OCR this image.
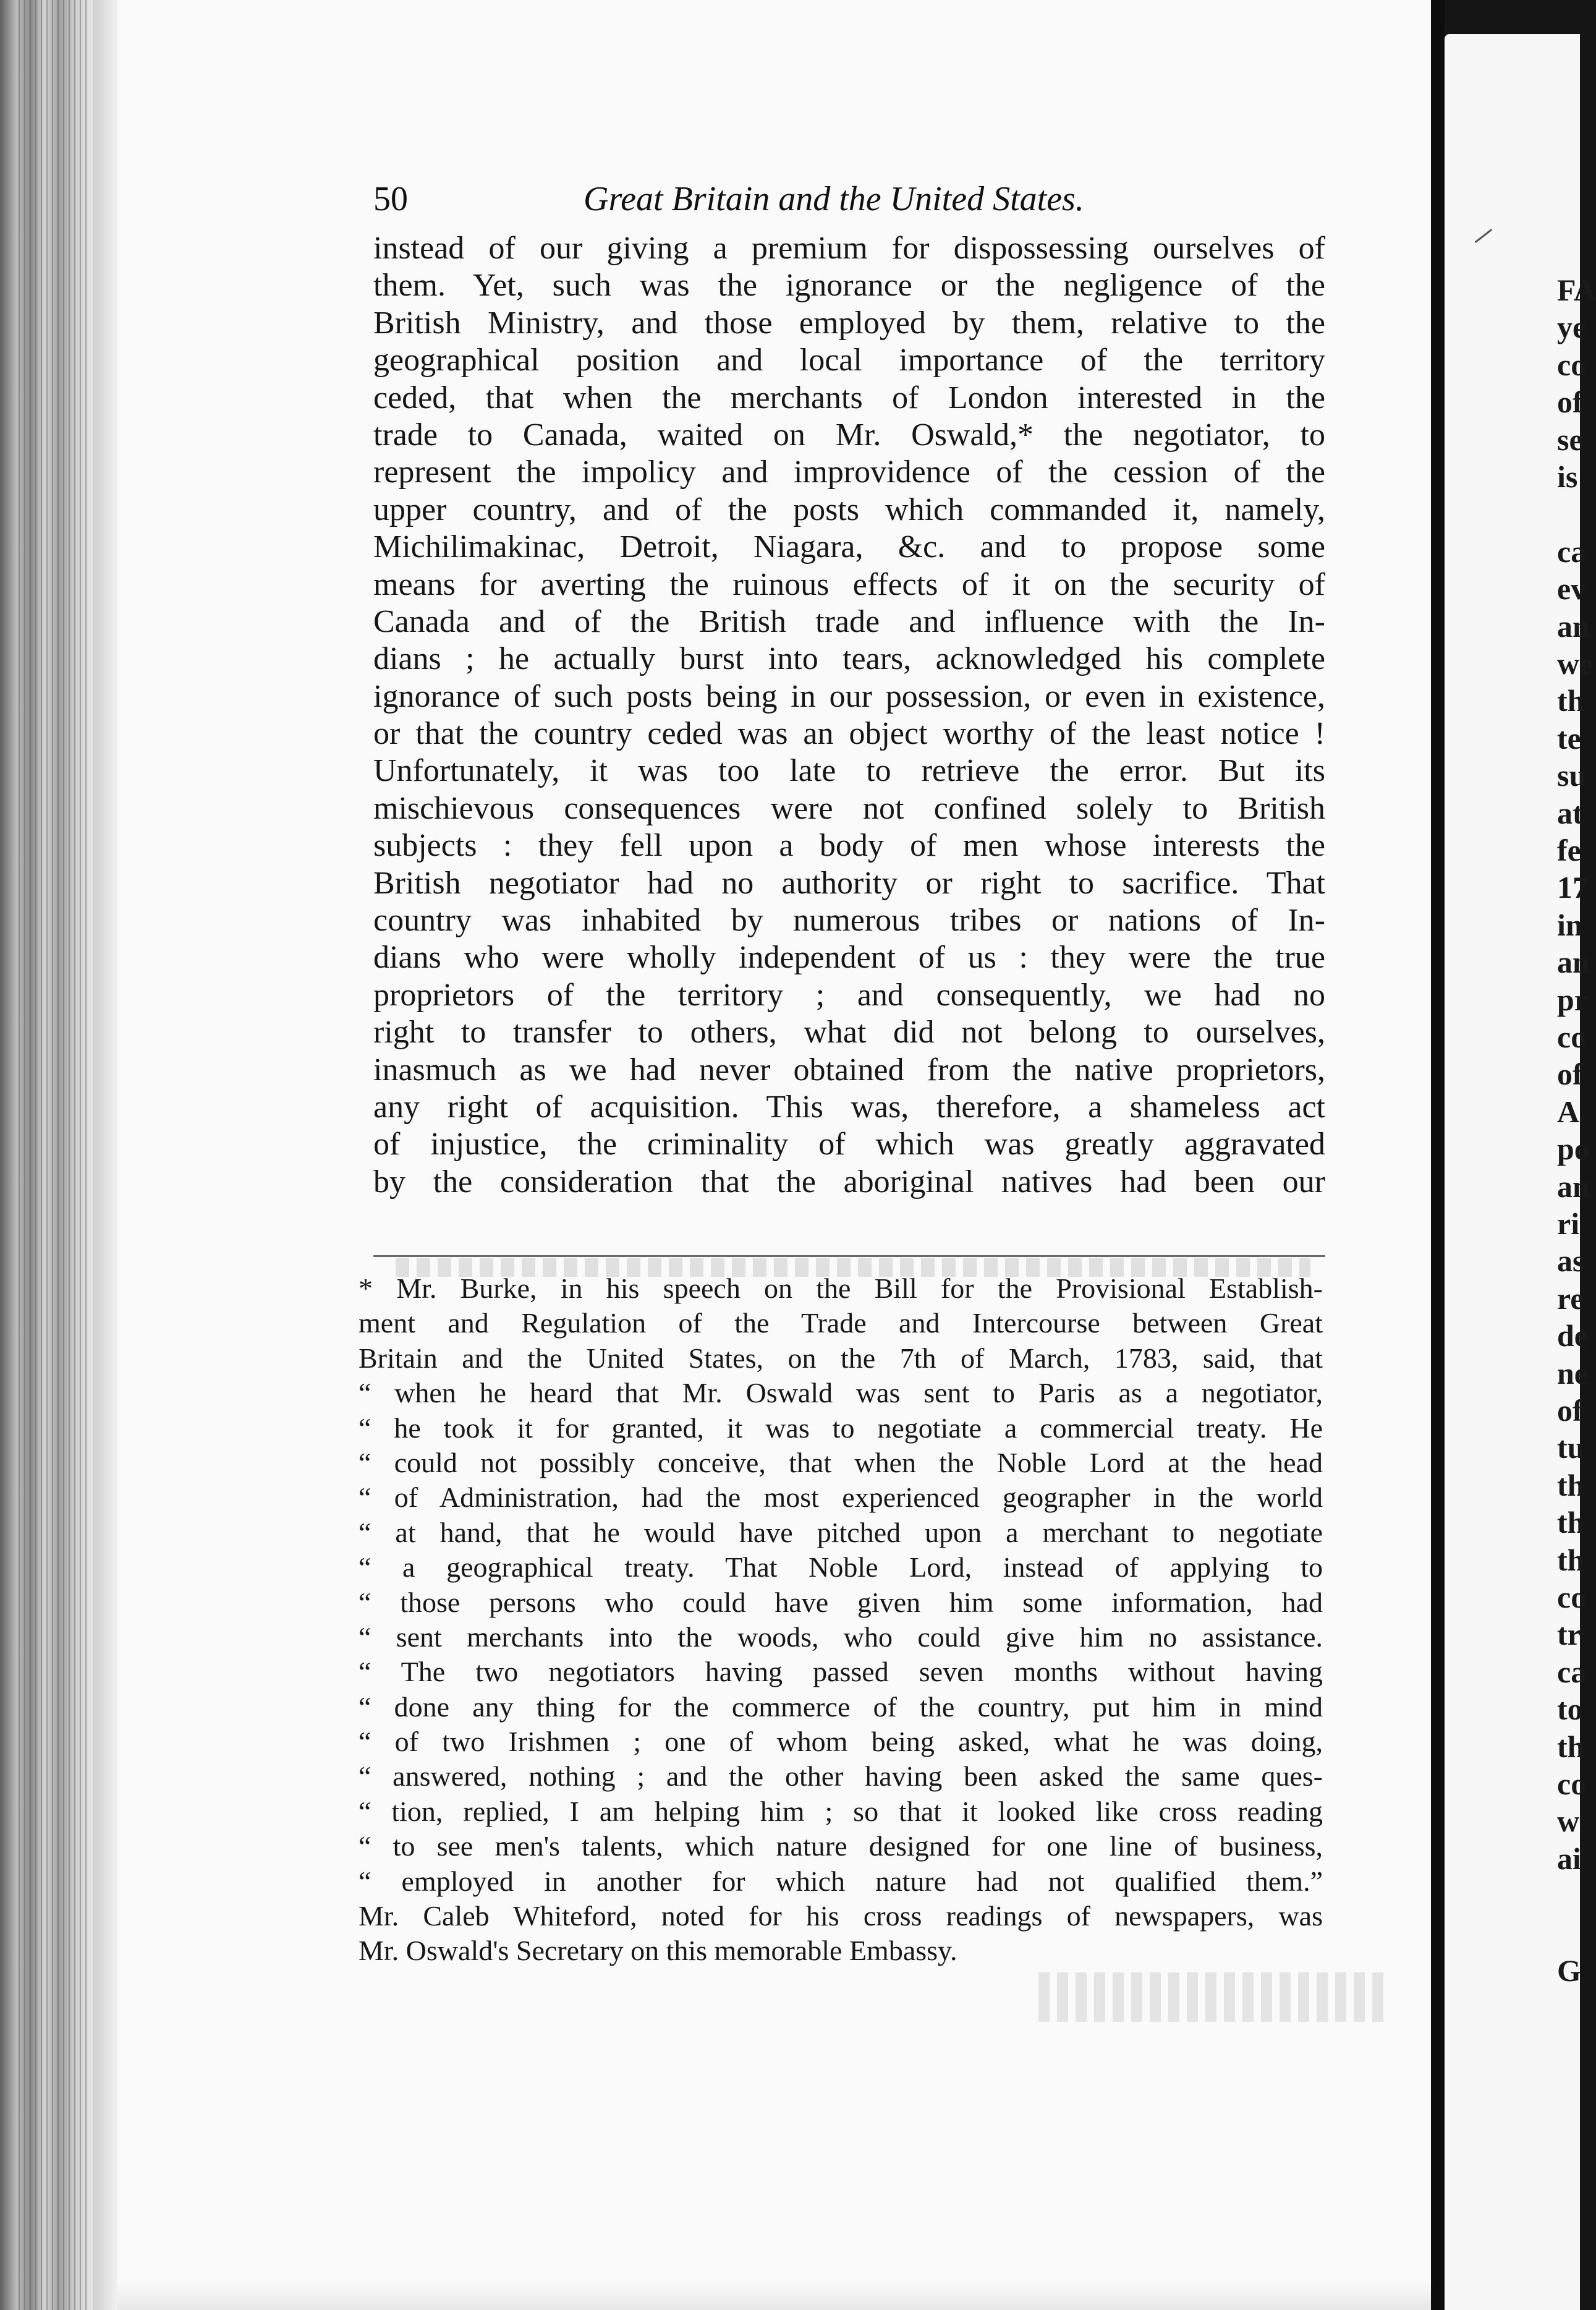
50	Great Britain and the United States.
instead of our giving a premium for dispossessing ourselves of
them. Yet, such was the ignorance or the negligence of the
British Ministry, and those employed by them, relative to the
geographical position and local importance of the territory
ceded, that when the merchants of London interested in the
trade to Canada, waited on Mr. Oswald,* the negotiator, to
represent the impolicy and improvidence of the cession of the
upper country, and of the posts which commanded it, namely,
Michilimakinac, Detroit, Niagara, &c. and to propose some
means for averting the ruinous effects of it on the security of
Canada and of the British trade and influence with the In-
dians ; he actually burst into tears, acknowledged his complete
ignorance of such posts being in our possession, or even in existence,
or that the country ceded was an object worthy of the least notice !
Unfortunately, it was too late to retrieve the error. But its
mischievous consequences were not confined solely to British
subjects : they fell upon a body of men whose interests the
British negotiator had no authority or right to sacrifice. That
country was inhabited by numerous tribes or nations of In-
dians who were wholly independent of us : they were the true
proprietors of the territory ; and consequently, we had no
right to transfer to others, what did not belong to ourselves,
inasmuch as we had never obtained from the native proprietors,
any right of acquisition. This was, therefore, a shameless act
of injustice, the criminality of which was greatly aggravated
by the consideration that the aboriginal natives had been our
* Mr. Burke, in his speech on the Bill for the Provisional Establish-
ment and Regulation of the Trade and Intercourse between Great
Britain and the United States, on the 7th of March, 1783, said, that
“ when he heard that Mr. Oswald was sent to Paris as a negotiator,
“ he took it for granted, it was to negotiate a commercial treaty. He
“ could not possibly conceive, that when the Noble Lord at the head
“ of Administration, had the most experienced geographer in the world
“ at hand, that he would have pitched upon a merchant to negotiate
“ a geographical treaty. That Noble Lord, instead of applying to
“ those persons who could have given him some information, had
“ sent merchants into the woods, who could give him no assistance.
“ The two negotiators having passed seven months without having
“ done any thing for the commerce of the country, put him in mind
“ of two Irishmen ; one of whom being asked, what he was doing,
“ answered, nothing ; and the other having been asked the same ques-
“ tion, replied, I am helping him ; so that it looked like cross reading
“ to see men's talents, which nature designed for one line of business,
“ employed in another for which nature had not qualified them.”
Mr. Caleb Whiteford, noted for his cross readings of newspapers, was
Mr. Oswald's Secretary on this memorable Embassy.
FA
ye
co
of
se
is
ca
ev
an
we
th
te
su
at
fe
17
in
an
pr
co
of
A
po
an
ri
as
re
de
ne
of
tu
th
th
th
co
tr
ca
to
th
co
w
ai
G
